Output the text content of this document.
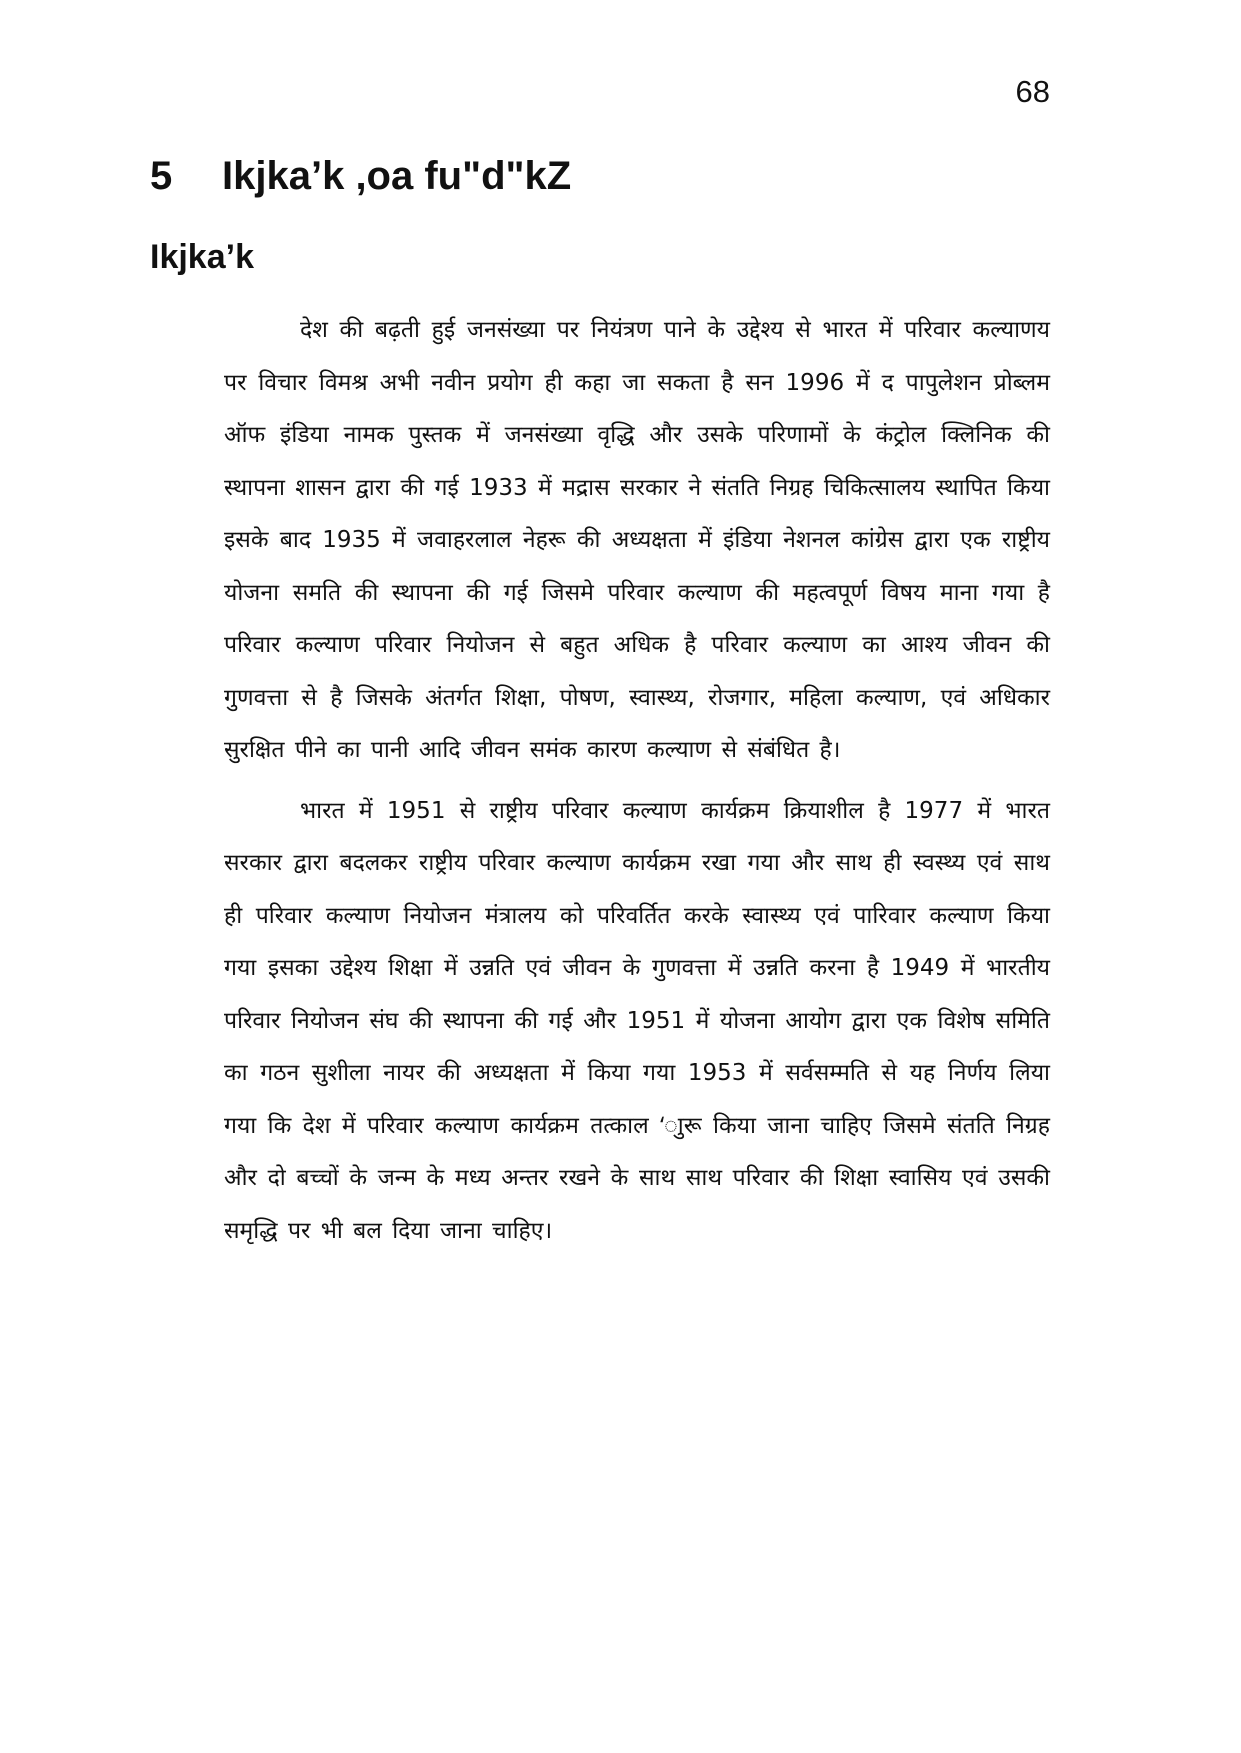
68
5 Ikjka’k ,oa fu"d"kZ
Ikjka’k

देश की बढ़ती हुई जनसंख्या पर नियंत्रण पाने के उद्देश्य से भारत में परिवार कल्याणय पर विचार विमश्र अभी नवीन प्रयोग ही कहा जा सकता है सन 1996 में द पापुलेशन प्रोब्लम ऑफ इंडिया नामक पुस्तक में जनसंख्या वृद्धि और उसके परिणामों के कंट्रोल क्लिनिक की स्थापना शासन द्वारा की गई 1933 में मद्रास सरकार ने संतति निग्रह चिकित्सालय स्थापित किया इसके बाद 1935 में जवाहरलाल नेहरू की अध्यक्षता में इंडिया नेशनल कांग्रेस द्वारा एक राष्ट्रीय योजना समति की स्थापना की गई जिसमे परिवार कल्याण की महत्वपूर्ण विषय माना गया है परिवार कल्याण परिवार नियोजन से बहुत अधिक है परिवार कल्याण का आश्य जीवन की गुणवत्ता से है जिसके अंतर्गत शिक्षा, पोषण, स्वास्थ्य, रोजगार, महिला कल्याण, एवं अधिकार सुरक्षित पीने का पानी आदि जीवन समंक कारण कल्याण से संबंधित है।

भारत में 1951 से राष्ट्रीय परिवार कल्याण कार्यक्रम क्रियाशील है 1977 में भारत सरकार द्वारा बदलकर राष्ट्रीय परिवार कल्याण कार्यक्रम रखा गया और साथ ही स्वस्थ्य एवं साथ ही परिवार कल्याण नियोजन मंत्रालय को परिवर्तित करके स्वास्थ्य एवं पारिवार कल्याण किया गया इसका उद्देश्य शिक्षा में उन्नति एवं जीवन के गुणवत्ता में उन्नति करना है 1949 में भारतीय परिवार नियोजन संघ की स्थापना की गई और 1951 में योजना आयोग द्वारा एक विशेष समिति का गठन सुशीला नायर की अध्यक्षता में किया गया 1953 में सर्वसम्मति से यह निर्णय लिया गया कि देश में परिवार कल्याण कार्यक्रम तत्काल ‘ाुरू किया जाना चाहिए जिसमे संतति निग्रह और दो बच्चों के जन्म के मध्य अन्तर रखने के साथ साथ परिवार की शिक्षा स्वासिय एवं उसकी समृद्धि पर भी बल दिया जाना चाहिए।
